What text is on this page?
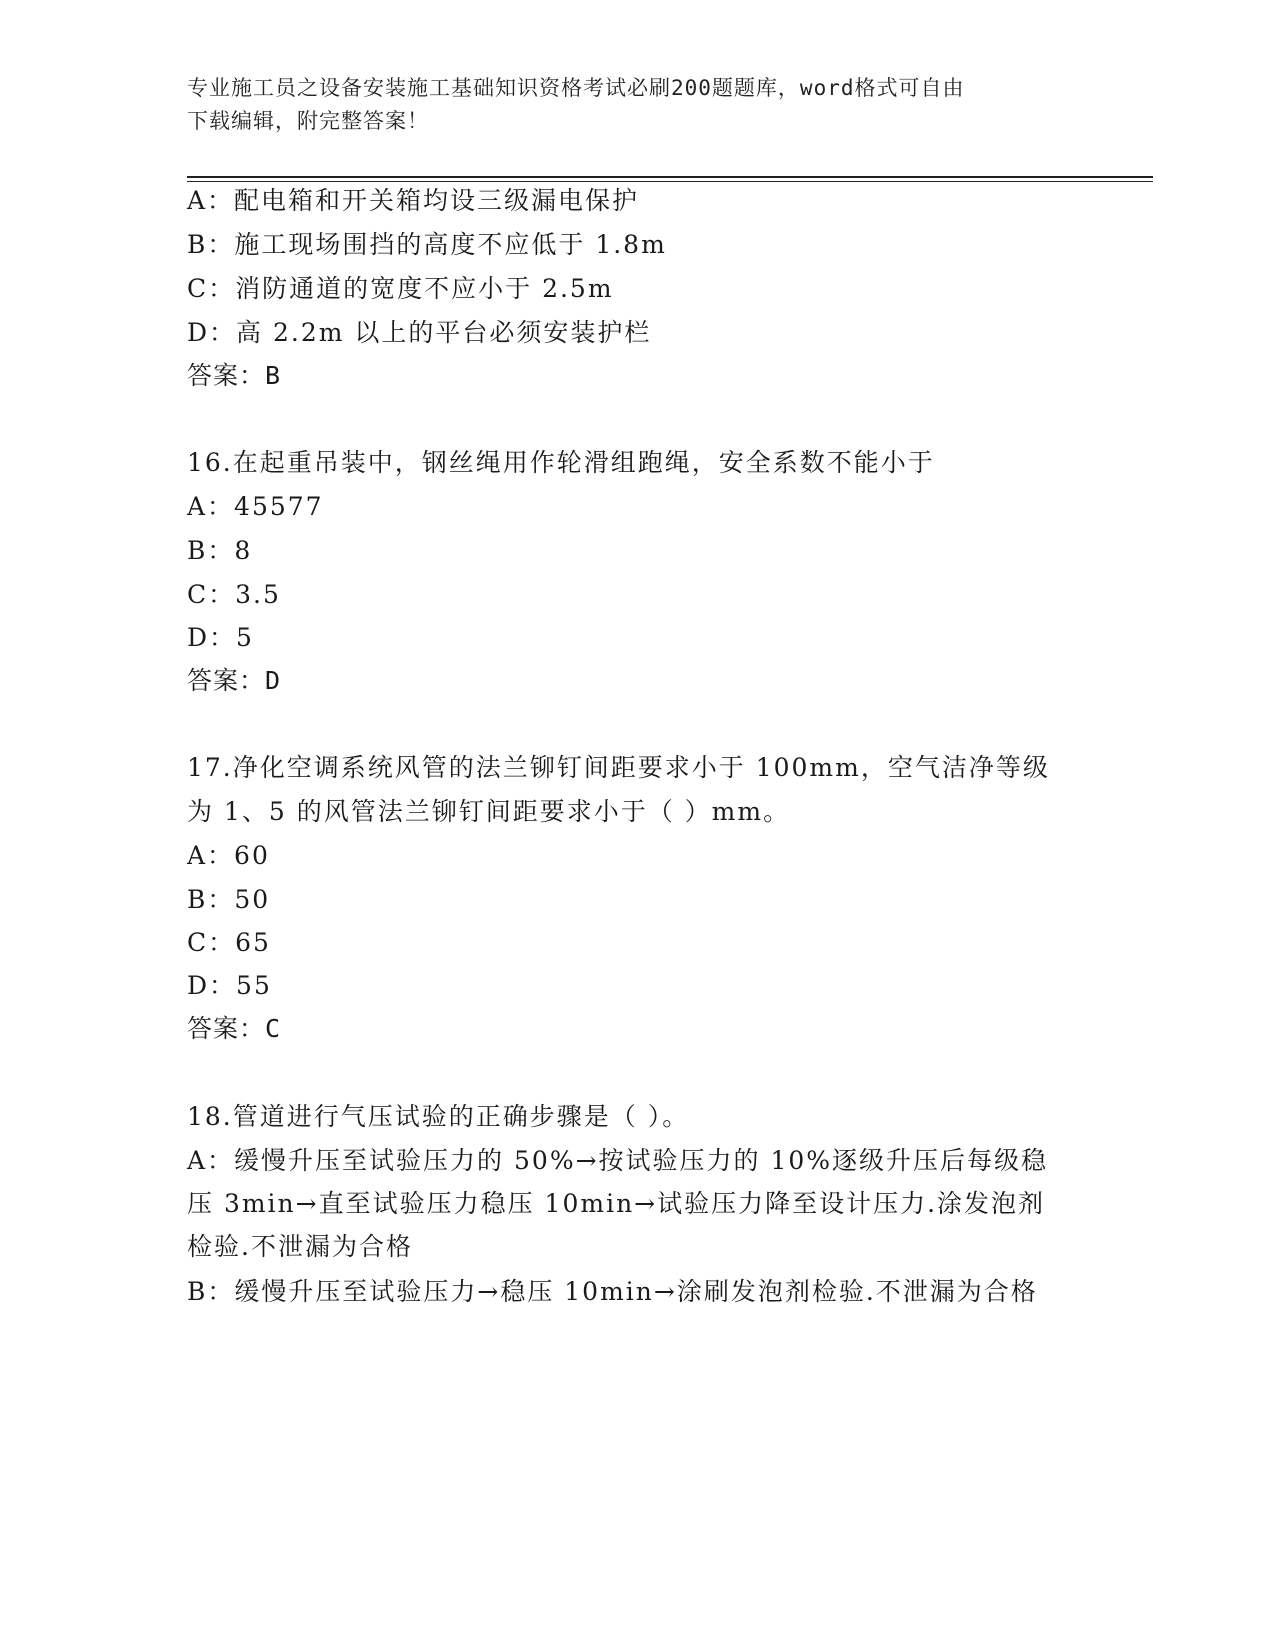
专业施工员之设备安装施工基础知识资格考试必刷200题题库，word格式可自由
下载编辑，附完整答案！
A：配电箱和开关箱均设三级漏电保护
B：施工现场围挡的高度不应低于 1.8m
C：消防通道的宽度不应小于 2.5m
D：高 2.2m 以上的平台必须安装护栏
答案：B
16.在起重吊装中，钢丝绳用作轮滑组跑绳，安全系数不能小于
A：45577
B：8
C：3.5
D：5
答案：D
17.净化空调系统风管的法兰铆钉间距要求小于 100mm，空气洁净等级
为 1、5 的风管法兰铆钉间距要求小于（ ）mm。
A：60
B：50
C：65
D：55
答案：C
18.管道进行气压试验的正确步骤是（ ）。
A：缓慢升压至试验压力的 50%→按试验压力的 10%逐级升压后每级稳
压 3min→直至试验压力稳压 10min→试验压力降至设计压力.涂发泡剂
检验.不泄漏为合格
B：缓慢升压至试验压力→稳压 10min→涂刷发泡剂检验.不泄漏为合格
